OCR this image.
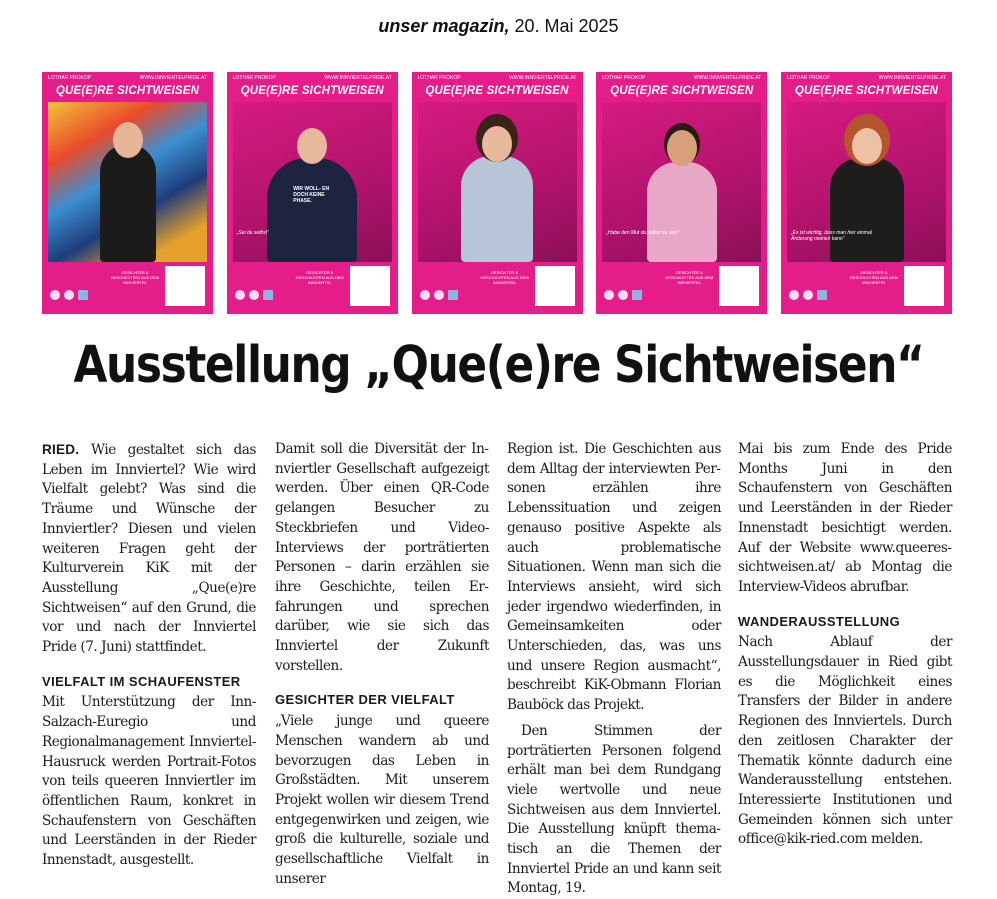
unser magazin, 20. Mai 2025
LOTHAR PROKOP	WWW.INNVIERTELPRIDE.AT
QUE(E)RE SICHTWEISEN
GESICHTER & GESCHICHTEN AUS DEM INNVIERTEL
LOTHAR PROKOP	WWW.INNVIERTELPRIDE.AT
QUE(E)RE SICHTWEISEN
WIR WOLL- EN DOCH KEINE PHASE.
„Sei du selbst“
GESICHTER & GESCHICHTEN AUS DEM INNVIERTEL
LOTHAR PROKOP	WWW.INNVIERTELPRIDE.AT
QUE(E)RE SICHTWEISEN
GESICHTER & GESCHICHTEN AUS DEM INNVIERTEL
LOTHAR PROKOP	WWW.INNVIERTELPRIDE.AT
QUE(E)RE SICHTWEISEN
„Habe den Mut du selbst zu sein“
GESICHTER & GESCHICHTEN AUS DEM INNVIERTEL
LOTHAR PROKOP	WWW.INNVIERTELPRIDE.AT
QUE(E)RE SICHTWEISEN
„Es ist wichtig, dass man hier einmal Änderung meinen kann“
GESICHTER & GESCHICHTEN AUS DEM INNVIERTEL
Ausstellung „Que(e)re Sichtweisen“

RIED. Wie gestaltet sich das Leben im Innviertel? Wie wird Vielfalt gelebt? Was sind die Träume und Wünsche der Innviertler? Diesen und vielen weiteren Fragen geht der Kulturverein KiK mit der Ausstellung „Que(e)re Sichtweisen“ auf den Grund, die vor und nach der Innviertel Pride (7. Juni) stattfindet.

VIELFALT IM SCHAUFENSTER

Mit Unterstützung der Inn-Salzach-Euregio und Regionalmanagement Innviertel-Hausruck werden Portrait-Fotos von teils queeren Innviertler im öffentlichen Raum, konkret in Schaufenstern von Geschäften und Leerständen in der Rieder Innenstadt, ausgestellt.

Damit soll die Diversität der Innviertler Gesellschaft aufgezeigt werden. Über einen QR-Code gelangen Besucher zu Steckbriefen und Video-Interviews der porträtierten Personen – darin erzählen sie ihre Geschichte, teilen Erfahrungen und sprechen darüber, wie sie sich das Innviertel der Zukunft vorstellen.

GESICHTER DER VIELFALT

„Viele junge und queere Menschen wandern ab und bevorzugen das Leben in Großstädten. Mit unserem Projekt wollen wir diesem Trend entgegenwirken und zeigen, wie groß die kulturelle, soziale und gesellschaftliche Vielfalt in unserer

Region ist. Die Geschichten aus dem Alltag der interviewten Personen erzählen ihre Lebenssituation und zeigen genauso positive Aspekte als auch problematische Situationen. Wenn man sich die Interviews ansieht, wird sich jeder irgendwo wiederfinden, in Gemeinsamkeiten oder Unterschieden, das, was uns und unsere Region ausmacht“, beschreibt KiK-Obmann Florian Bauböck das Projekt.

Den Stimmen der porträtierten Personen folgend erhält man bei dem Rundgang viele wertvolle und neue Sichtweisen aus dem Innviertel. Die Ausstellung knüpft thematisch an die Themen der Innviertel Pride an und kann seit Montag, 19.

Mai bis zum Ende des Pride Months Juni in den Schaufenstern von Geschäften und Leerständen in der Rieder Innenstadt besichtigt werden. Auf der Website www.queeressichtweisen.at/ ab Montag die Interview-Videos abrufbar.

WANDERAUSSTELLUNG

Nach Ablauf der Ausstellungsdauer in Ried gibt es die Möglichkeit eines Transfers der Bilder in andere Regionen des Innviertels. Durch den zeitlosen Charakter der Thematik könnte dadurch eine Wanderausstellung entstehen. Interessierte Institutionen und Gemeinden können sich unter office@kik-ried.com melden.
